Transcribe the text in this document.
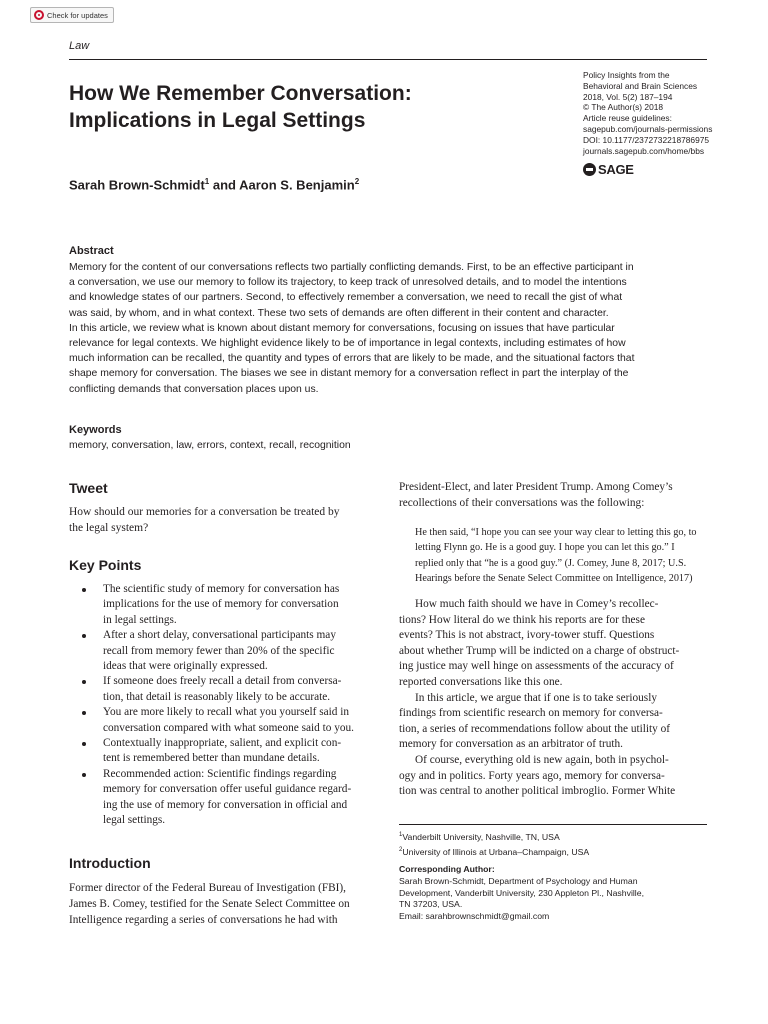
Check for updates
Law
How We Remember Conversation:
Implications in Legal Settings
Policy Insights from the
Behavioral and Brain Sciences
2018, Vol. 5(2) 187–194
© The Author(s) 2018
Article reuse guidelines:
sagepub.com/journals-permissions
DOI: 10.1177/2372732218786975
journals.sagepub.com/home/bbs
SAGE
Sarah Brown-Schmidt$^1$ and Aaron S. Benjamin$^2$
Abstract
Memory for the content of our conversations reflects two partially conflicting demands. First, to be an effective participant in
a conversation, we use our memory to follow its trajectory, to keep track of unresolved details, and to model the intentions
and knowledge states of our partners. Second, to effectively remember a conversation, we need to recall the gist of what
was said, by whom, and in what context. These two sets of demands are often different in their content and character.
In this article, we review what is known about distant memory for conversations, focusing on issues that have particular
relevance for legal contexts. We highlight evidence likely to be of importance in legal contexts, including estimates of how
much information can be recalled, the quantity and types of errors that are likely to be made, and the situational factors that
shape memory for conversation. The biases we see in distant memory for a conversation reflect in part the interplay of the
conflicting demands that conversation places upon us.
Keywords
memory, conversation, law, errors, context, recall, recognition
Tweet
How should our memories for a conversation be treated by
the legal system?
Key Points
The scientific study of memory for conversation has
implications for the use of memory for conversation
in legal settings.
After a short delay, conversational participants may
recall from memory fewer than 20% of the specific
ideas that were originally expressed.
If someone does freely recall a detail from conversa-
tion, that detail is reasonably likely to be accurate.
You are more likely to recall what you yourself said in
conversation compared with what someone said to you.
Contextually inappropriate, salient, and explicit con-
tent is remembered better than mundane details.
Recommended action: Scientific findings regarding
memory for conversation offer useful guidance regard-
ing the use of memory for conversation in official and
legal settings.
Introduction
Former director of the Federal Bureau of Investigation (FBI),
James B. Comey, testified for the Senate Select Committee on
Intelligence regarding a series of conversations he had with
President-Elect, and later President Trump. Among Comey’s
recollections of their conversations was the following:
He then said, “I hope you can see your way clear to letting this go, to
letting Flynn go. He is a good guy. I hope you can let this go.” I
replied only that “he is a good guy.” (J. Comey, June 8, 2017; U.S.
Hearings before the Senate Select Committee on Intelligence, 2017)
How much faith should we have in Comey’s recollec-
tions? How literal do we think his reports are for these
events? This is not abstract, ivory-tower stuff. Questions
about whether Trump will be indicted on a charge of obstruct-
ing justice may well hinge on assessments of the accuracy of
reported conversations like this one.
In this article, we argue that if one is to take seriously
findings from scientific research on memory for conversa-
tion, a series of recommendations follow about the utility of
memory for conversation as an arbitrator of truth.
Of course, everything old is new again, both in psychol-
ogy and in politics. Forty years ago, memory for conversa-
tion was central to another political imbroglio. Former White
$^1$Vanderbilt University, Nashville, TN, USA
$^2$University of Illinois at Urbana–Champaign, USA
Corresponding Author:
Sarah Brown-Schmidt, Department of Psychology and Human
Development, Vanderbilt University, 230 Appleton Pl., Nashville,
TN 37203, USA.
Email: sarahbrownschmidt@gmail.com
